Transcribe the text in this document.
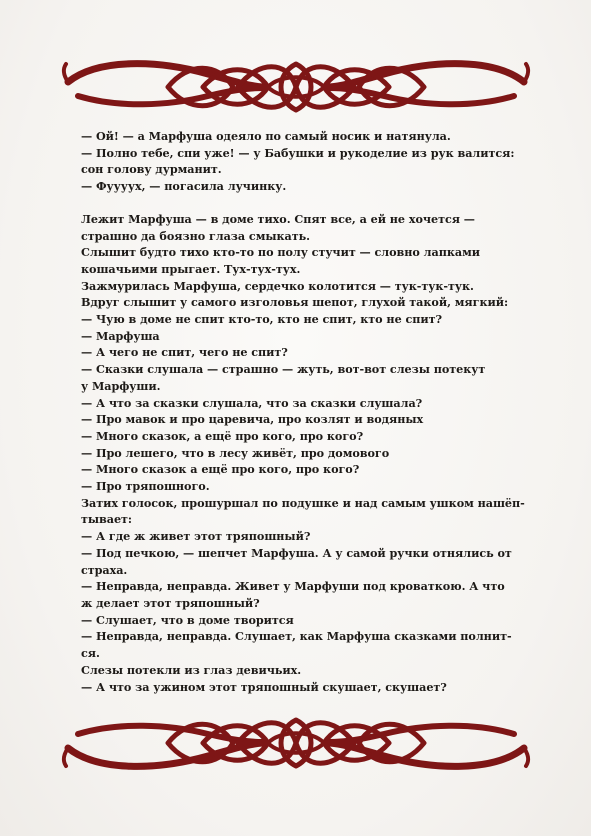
— Ой! — а Марфуша одеяло по самый носик и натянула.

— Полно тебе, спи уже! — у Бабушки и рукоделие из рук валится:

сон голову дурманит.

— Фуууух, — погасила лучинку.

Лежит Марфуша — в доме тихо. Спят все, а ей не хочется —

страшно да боязно глаза смыкать.

Слышит будто тихо кто-то по полу стучит — словно лапками

кошачьими прыгает. Тух-тух-тух.

Зажмурилась Марфуша, сердечко колотится — тук-тук-тук.

Вдруг слышит у самого изголовья шепот, глухой такой, мягкий:

— Чую в доме не спит кто-то, кто не спит, кто не спит?

— Марфуша

— А чего не спит, чего не спит?

— Сказки слушала — страшно — жуть, вот-вот слезы потекут

у Марфуши.

— А что за сказки слушала, что за сказки слушала?

— Про мавок и про царевича, про козлят и водяных

— Много сказок, а ещё про кого, про кого?

— Про лешего, что в лесу живёт, про домового

— Много сказок а ещё про кого, про кого?

— Про тряпошного.

Затих голосок, прошуршал по подушке и над самым ушком нашёп-

тывает:

— А где ж живет этот тряпошный?

— Под печкою, — шепчет Марфуша. А у самой ручки отнялись от

страха.

— Неправда, неправда. Живет у Марфуши под кроваткою. А что

ж делает этот тряпошный?

— Слушает, что в доме творится

— Неправда, неправда. Слушает, как Марфуша сказками полнит-

ся.

Слезы потекли из глаз девичьих.

— А что за ужином этот тряпошный скушает, скушает?
